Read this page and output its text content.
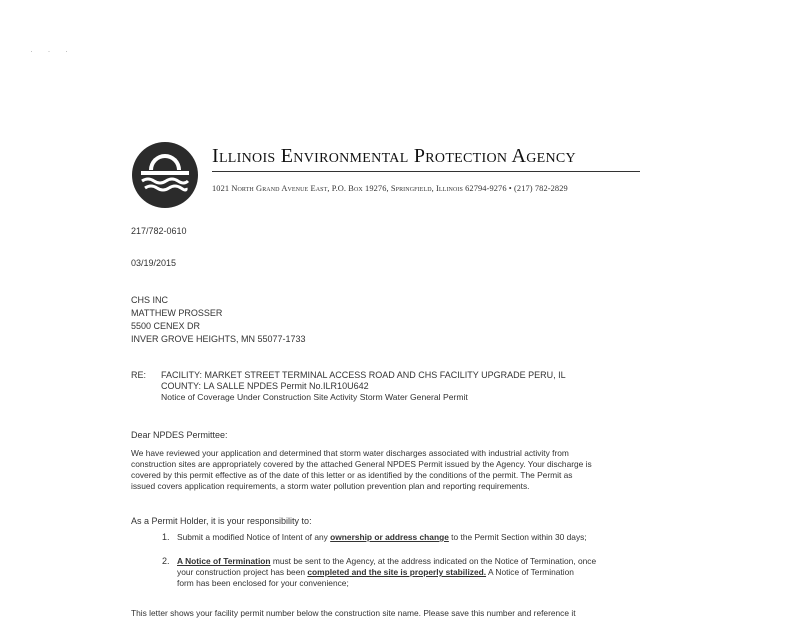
· · ·
Illinois Environmental Protection Agency
1021 North Grand Avenue East, P.O. Box 19276, Springfield, Illinois 62794-9276 • (217) 782-2829
217/782-0610
03/19/2015
CHS INC
MATTHEW PROSSER
5500 CENEX DR
INVER GROVE HEIGHTS, MN 55077-1733
RE: FACILITY: MARKET STREET TERMINAL ACCESS ROAD AND CHS FACILITY UPGRADE PERU, IL
COUNTY: LA SALLE NPDES Permit No.ILR10U642
Notice of Coverage Under Construction Site Activity Storm Water General Permit
Dear NPDES Permittee:
We have reviewed your application and determined that storm water discharges associated with industrial activity from
construction sites are appropriately covered by the attached General NPDES Permit issued by the Agency. Your discharge is
covered by this permit effective as of the date of this letter or as identified by the conditions of the permit. The Permit as
issued covers application requirements, a storm water pollution prevention plan and reporting requirements.
As a Permit Holder, it is your responsibility to:
1. Submit a modified Notice of Intent of any ownership or address change to the Permit Section within 30 days;
2. A Notice of Termination must be sent to the Agency, at the address indicated on the Notice of Termination, once
your construction project has been completed and the site is properly stabilized. A Notice of Termination
form has been enclosed for your convenience;
This letter shows your facility permit number below the construction site name. Please save this number and reference it
